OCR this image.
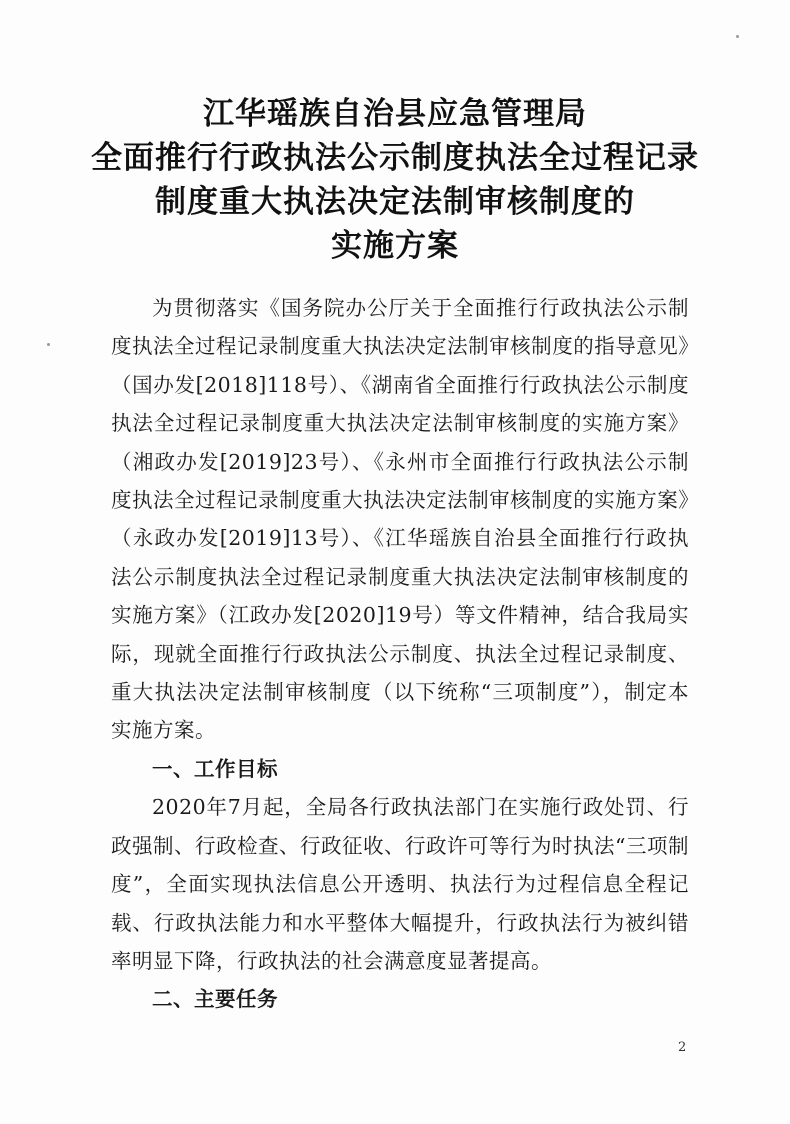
江华瑶族自治县应急管理局
全面推行行政执法公示制度执法全过程记录
制度重大执法决定法制审核制度的
实施方案

为贯彻落实《国务院办公厅关于全面推行行政执法公示制度执法全过程记录制度重大执法决定法制审核制度的指导意见》（国办发[2018]118号）、《湖南省全面推行行政执法公示制度执法全过程记录制度重大执法决定法制审核制度的实施方案》（湘政办发[2019]23号）、《永州市全面推行行政执法公示制度执法全过程记录制度重大执法决定法制审核制度的实施方案》（永政办发[2019]13号）、《江华瑶族自治县全面推行行政执法公示制度执法全过程记录制度重大执法决定法制审核制度的实施方案》（江政办发[2020]19号）等文件精神，结合我局实际，现就全面推行行政执法公示制度、执法全过程记录制度、重大执法决定法制审核制度（以下统称“三项制度”），制定本实施方案。

一、工作目标

2020年7月起，全局各行政执法部门在实施行政处罚、行政强制、行政检查、行政征收、行政许可等行为时执法“三项制度”，全面实现执法信息公开透明、执法行为过程信息全程记载、行政执法能力和水平整体大幅提升，行政执法行为被纠错率明显下降，行政执法的社会满意度显著提高。

二、主要任务

2
